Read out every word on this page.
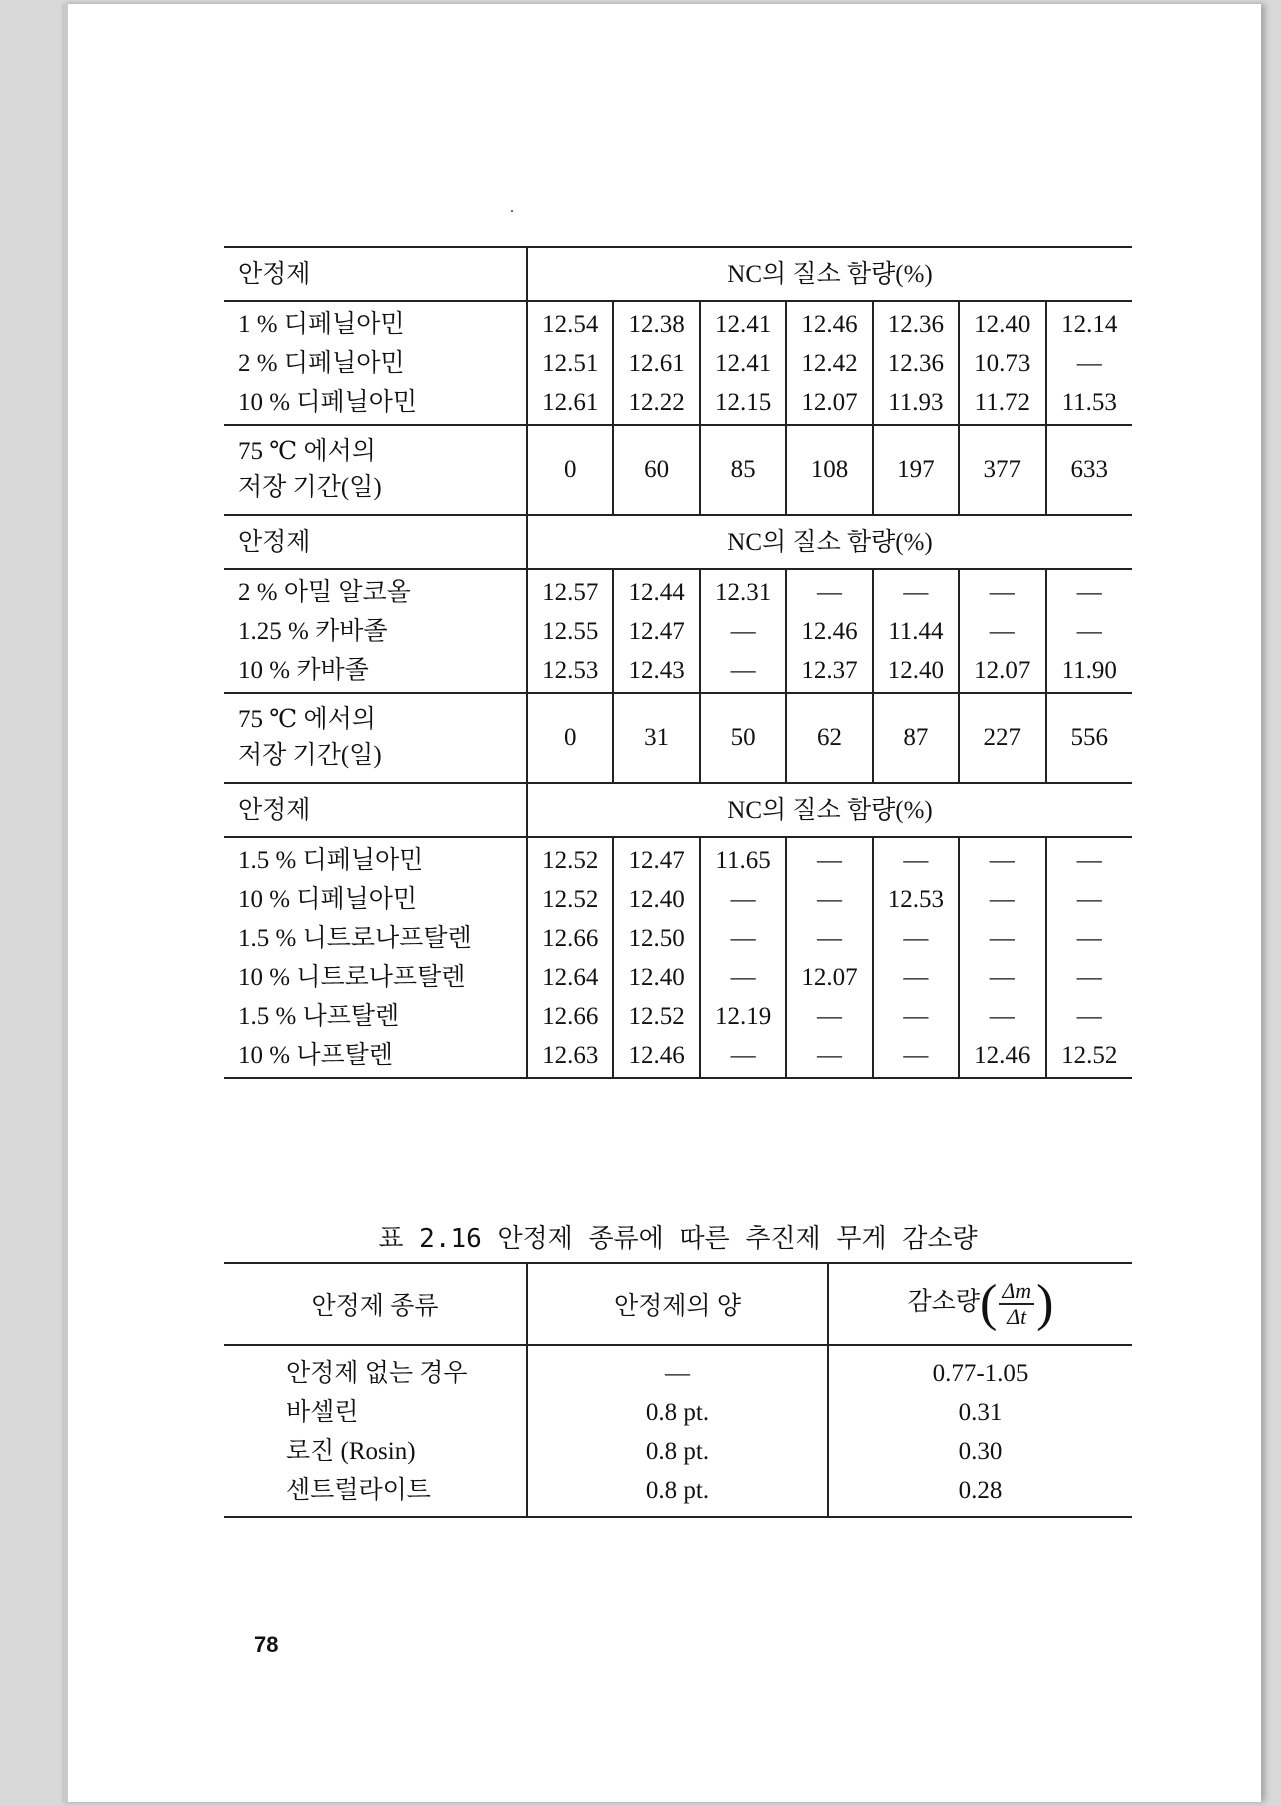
안정제	NC의 질소 함량(%)						
1 % 디페닐아민	12.54	12.38	12.41	12.46	12.36	12.40	12.14
2 % 디페닐아민	12.51	12.61	12.41	12.42	12.36	10.73	—
10 % 디페닐아민	12.61	12.22	12.15	12.07	11.93	11.72	11.53

75 ℃ 에서의
저장 기간(일)	0	60	85	108	197	377	633
안정제	NC의 질소 함량(%)						
2 % 아밀 알코올	12.57	12.44	12.31	—	—	—	—
1.25 % 카바졸	12.55	12.47	—	12.46	11.44	—	—
10 % 카바졸	12.53	12.43	—	12.37	12.40	12.07	11.90

75 ℃ 에서의
저장 기간(일)	0	31	50	62	87	227	556
안정제	NC의 질소 함량(%)						
1.5 % 디페닐아민	12.52	12.47	11.65	—	—	—	—
10 % 디페닐아민	12.52	12.40	—	—	12.53	—	—
1.5 % 니트로나프탈렌	12.66	12.50	—	—	—	—	—
10 % 니트로나프탈렌	12.64	12.40	—	12.07	—	—	—
1.5 % 나프탈렌	12.66	12.52	12.19	—	—	—	—
10 % 나프탈렌	12.63	12.46	—	—	—	12.46	12.52
표 2.16 안정제 종류에 따른 추진제 무게 감소량
안정제 종류	안정제의 양	감소량 ( $\frac{\Delta m}{\Delta t}$ )

안정제 없는 경우	—	0.77-1.05
바셀린	0.8 pt.	0.31
로진 (Rosin)	0.8 pt.	0.30
센트럴라이트	0.8 pt.	0.28
78
